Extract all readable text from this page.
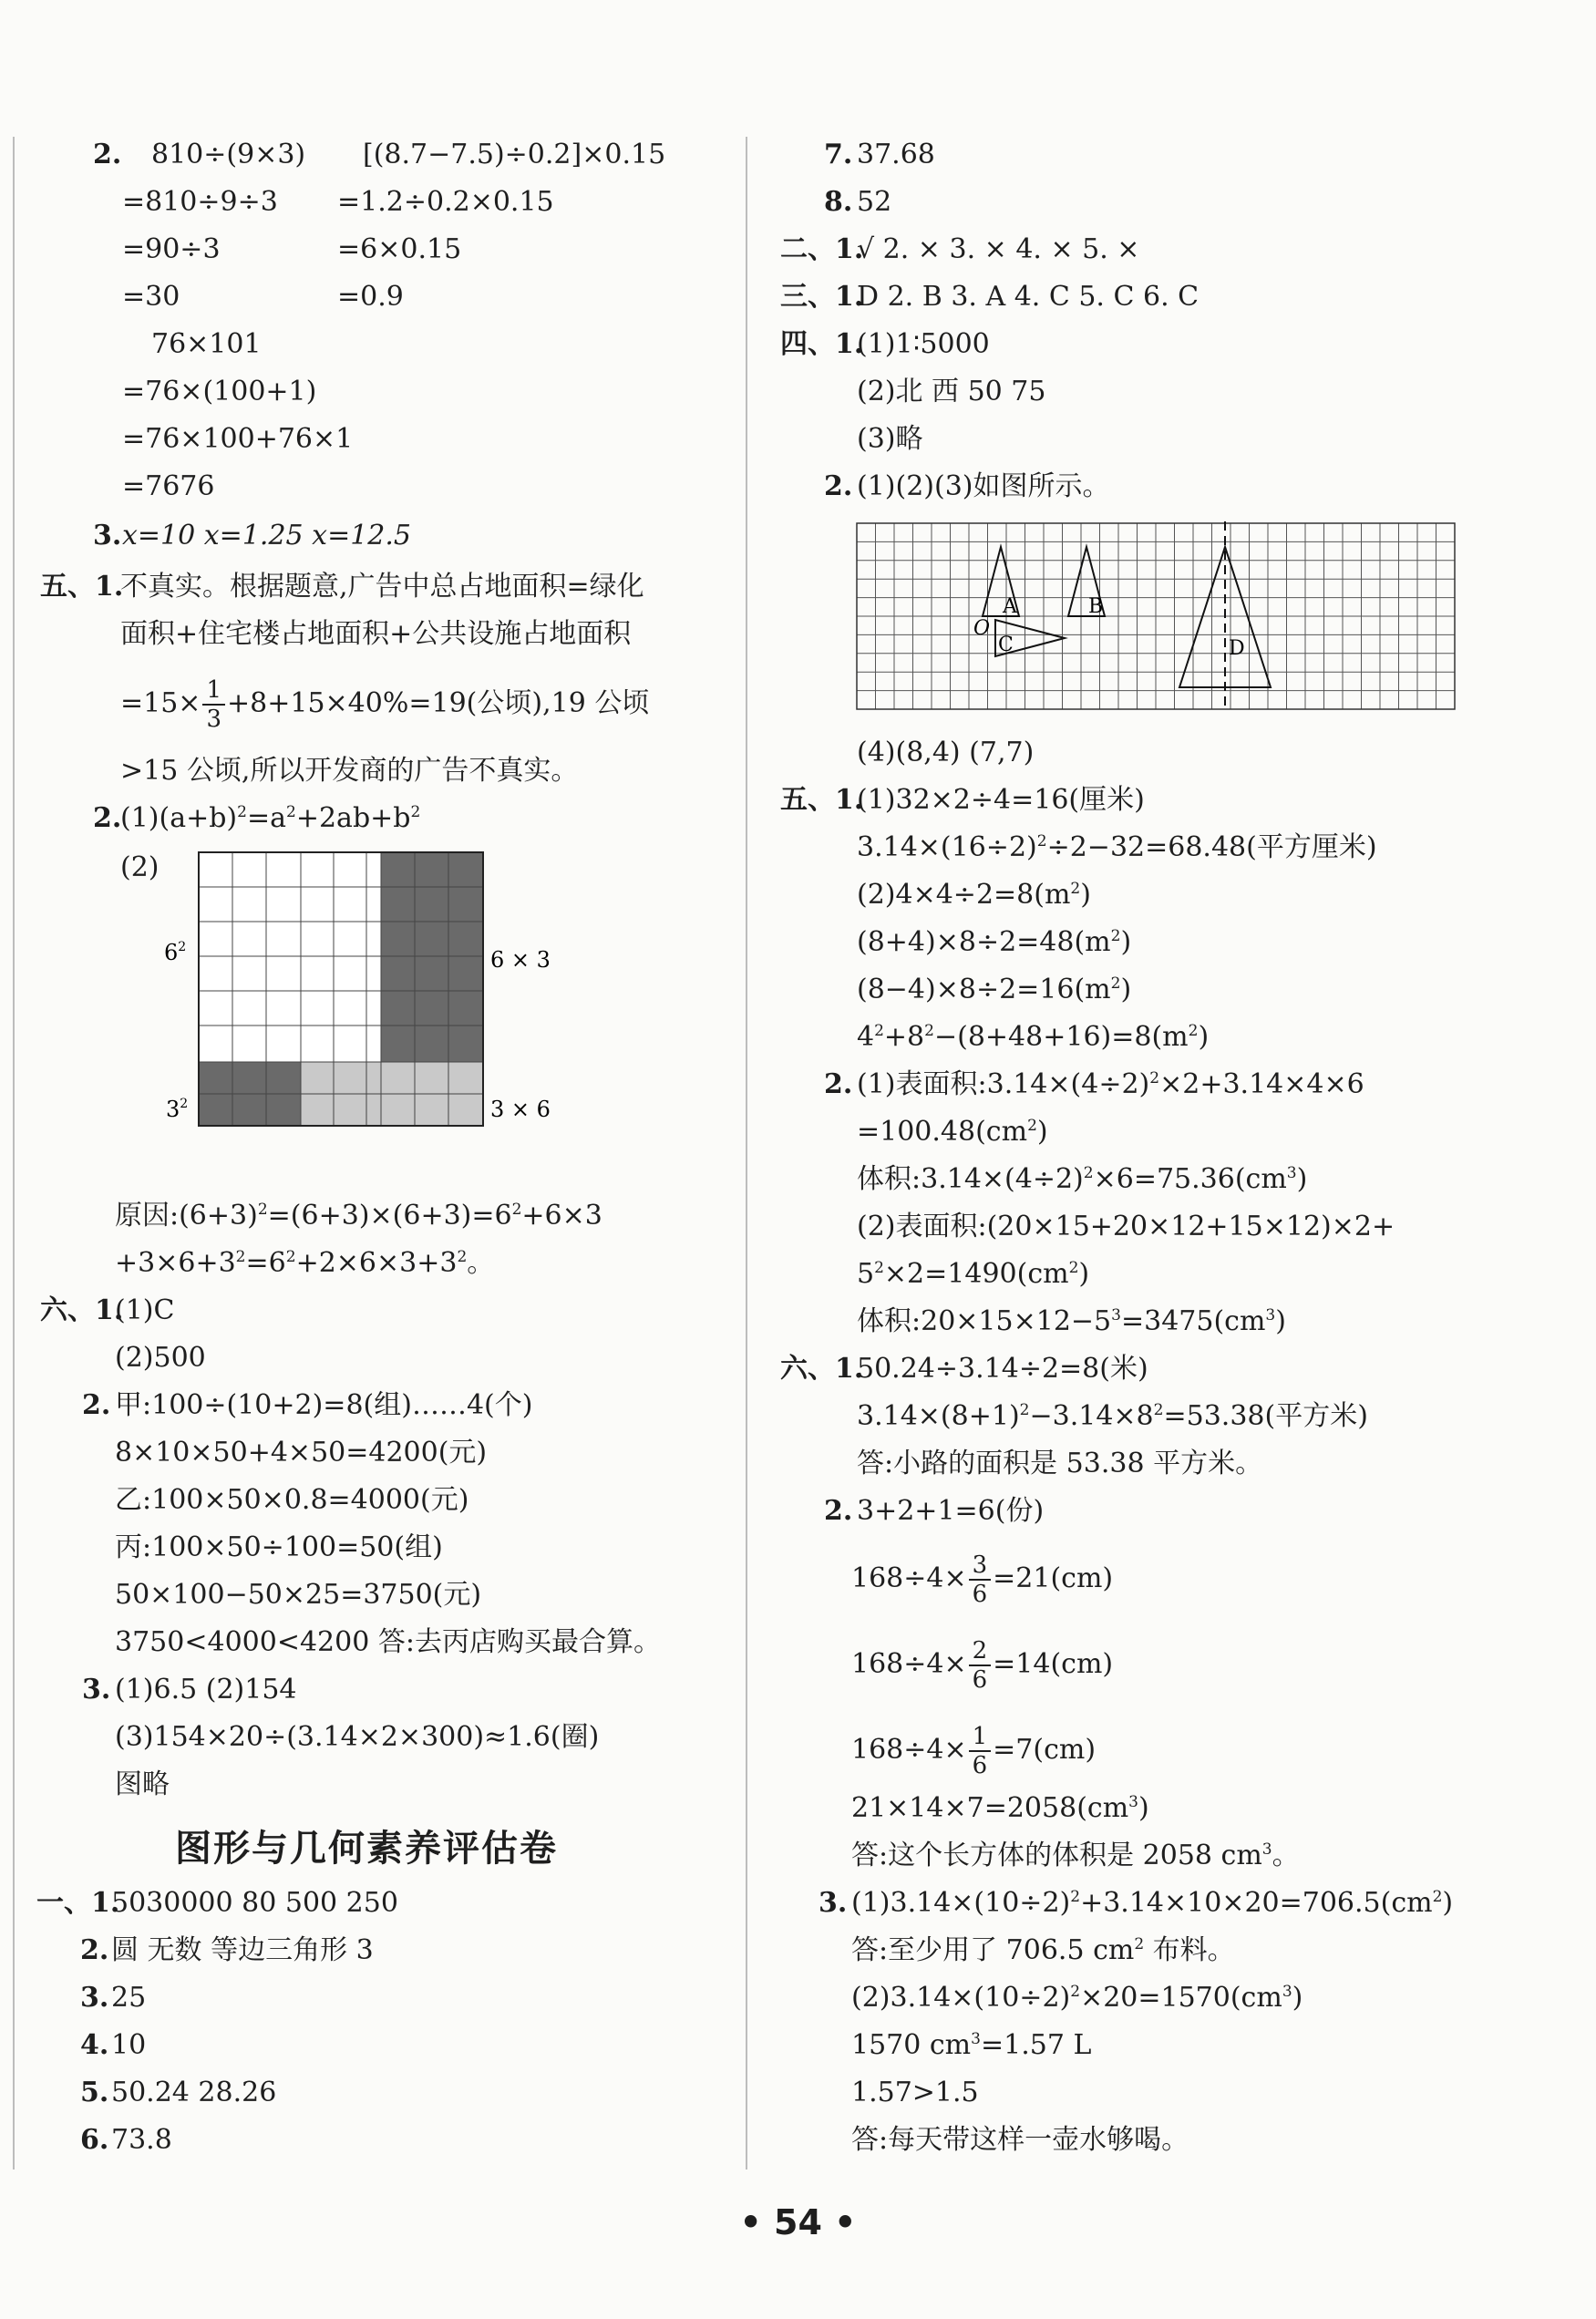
2. 810÷(9×3) [(8.7−7.5)÷0.2]×0.15
=810÷9÷3 =1.2÷0.2×0.15
=90÷3	=6×0.15
=30	=0.9
76×101
=76×(100+1)
=76×100+76×1
=7676
3. x=10 x=1.25 x=12.5
五、1.
不真实。根据题意,广告中总占地面积=绿化
面积+住宅楼占地面积+公共设施占地面积
$=15\times \frac{1}{3} +8+15\times 40\%=19$(公顷),19 公顷
>15 公顷,所以开发商的广告不真实。
2.
$(1)(a+b)^2=a^2+2ab+b^2$
(2)
$6^2$	6 × 3
$3^2$	3 × 6
原因$:(6+3)^2=(6+3)\times(6+3)=6^2+6\times 3$
$+3\times 6+3^2=6^2+2\times 6\times 3+3^2$。
六、1.
(1)C
(2)500
2. 甲:100÷(10+2)=8(组)……4(个)
8×10×50+4×50=4200(元)
乙:100×50×0.8=4000(元)
丙:100×50÷100=50(组)
50×100−50×25=3750(元)
3750<4000<4200 答:去丙店购买最合算。
3. (1)6.5 (2)154
(3)154×20÷(3.14×2×300)≈1.6(圈)
图略
图形与几何素养评估卷
一、1.
5030000 80 500 250
2. 圆 无数 等边三角形 3
3. 25
4. 10
5. 50.24 28.26
6. 73.8
7. 37.68
8. 52
二、1.
√ 2. × 3. × 4. × 5. ×
三、1.
D 2. B 3. A 4. C 5. C 6. C
四、1.
(1)1∶5000
(2)北 西 50 75
(3)略
2. (1)(2)(3)如图所示。
A	B
O
C	D
(4)(8,4) (7,7)
五、1.
(1)32×2÷4=16(厘米)
$3.14\times(16\div 2)^2\div 2-32=68.48$(平方厘米)
$(2)4\times 4\div 2=8(m^2)$
$(8+4)\times 8\div 2=48(m^2)$
$(8-4)\times 8\div 2=16(m^2)$
$4^2+8^2-(8+48+16)=8(m^2)$
2. (1)表面积$:3.14\times(4\div 2)^2\times 2+3.14\times 4\times 6$
$=100.48(cm^2)$
体积$:3.14\times(4\div 2)^2\times 6=75.36(cm^3)$
(2)表面积:(20×15+20×12+15×12)×2+
$5^2\times 2=1490(cm^2)$
体积$:20\times 15\times 12-5^3=3475(cm^3)$
六、1.
50.24÷3.14÷2=8(米)
$3.14\times(8+1)^2-3.14\times 8^2=53.38$(平方米)
答:小路的面积是 53.38 平方米。
2. 3+2+1=6(份)
$168\div 4\times \frac{3}{6} =21(cm)$
$168\div 4\times \frac{2}{6} =14(cm)$
$168\div 4\times \frac{1}{6} =7(cm)$
$21\times 14\times 7=2058(cm^3)$
答:这个长方体的体积是 2058 $cm^3$。
3. $(1)3.14\times(10\div 2)^2+3.14\times 10\times 20=706.5(cm^2)$
答:至少用了 706.5 $cm^2$ 布料。
$(2)3.14\times(10\div 2)^2\times 20=1570(cm^3)$
1570 $cm^3=1.57$ L
1.57>1.5
答:每天带这样一壶水够喝。
• 54 •
